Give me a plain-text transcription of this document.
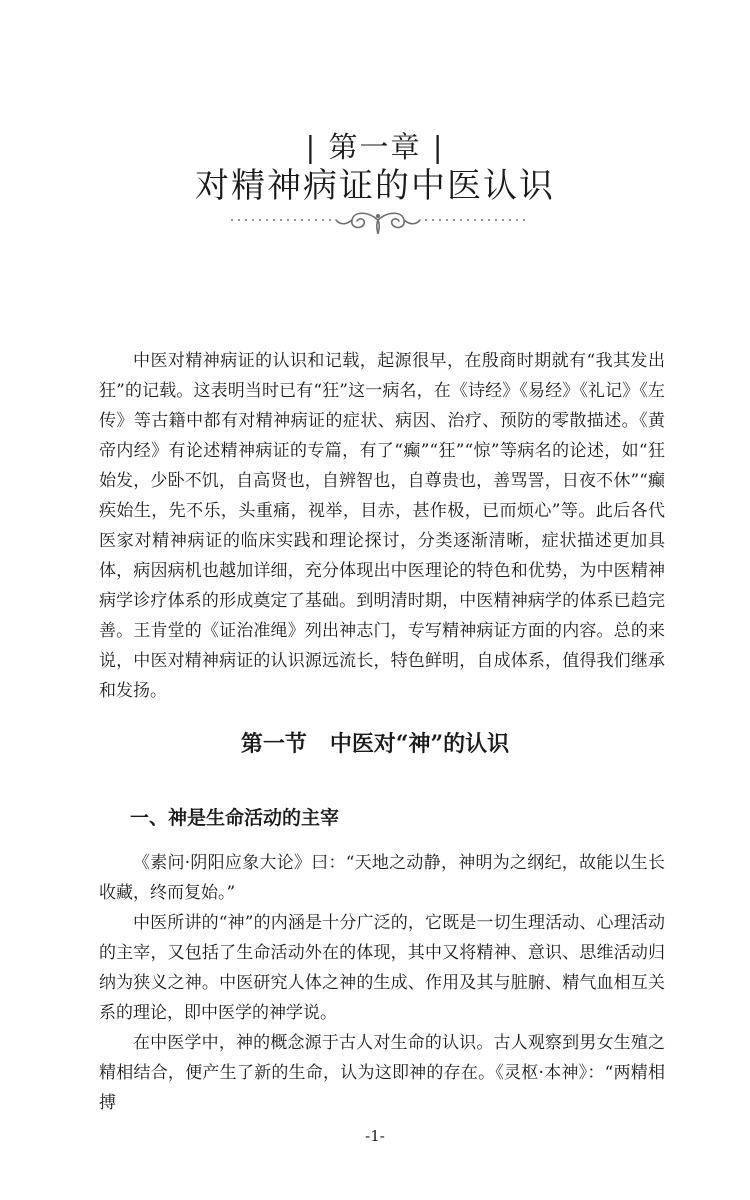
| 第一章 |
对精神病证的中医认识

中医对精神病证的认识和记载，起源很早，在殷商时期就有“我其发出狂”的记载。这表明当时已有“狂”这一病名，在《诗经》《易经》《礼记》《左传》等古籍中都有对精神病证的症状、病因、治疗、预防的零散描述。《黄帝内经》有论述精神病证的专篇，有了“癫”“狂”“惊”等病名的论述，如“狂始发，少卧不饥，自高贤也，自辨智也，自尊贵也，善骂詈，日夜不休”“癫疾始生，先不乐，头重痛，视举，目赤，甚作极，已而烦心”等。此后各代医家对精神病证的临床实践和理论探讨，分类逐渐清晰，症状描述更加具体，病因病机也越加详细，充分体现出中医理论的特色和优势，为中医精神病学诊疗体系的形成奠定了基础。到明清时期，中医精神病学的体系已趋完善。王肯堂的《证治准绳》列出神志门，专写精神病证方面的内容。总的来说，中医对精神病证的认识源远流长，特色鲜明，自成体系，值得我们继承和发扬。

第一节   中医对“神”的认识
一、神是生命活动的主宰

《素问·阴阳应象大论》曰：“天地之动静，神明为之纲纪，故能以生长收藏，终而复始。”

中医所讲的“神”的内涵是十分广泛的，它既是一切生理活动、心理活动的主宰，又包括了生命活动外在的体现，其中又将精神、意识、思维活动归纳为狭义之神。中医研究人体之神的生成、作用及其与脏腑、精气血相互关系的理论，即中医学的神学说。

在中医学中，神的概念源于古人对生命的认识。古人观察到男女生殖之精相结合，便产生了新的生命，认为这即神的存在。《灵枢·本神》：“两精相搏

-1-
